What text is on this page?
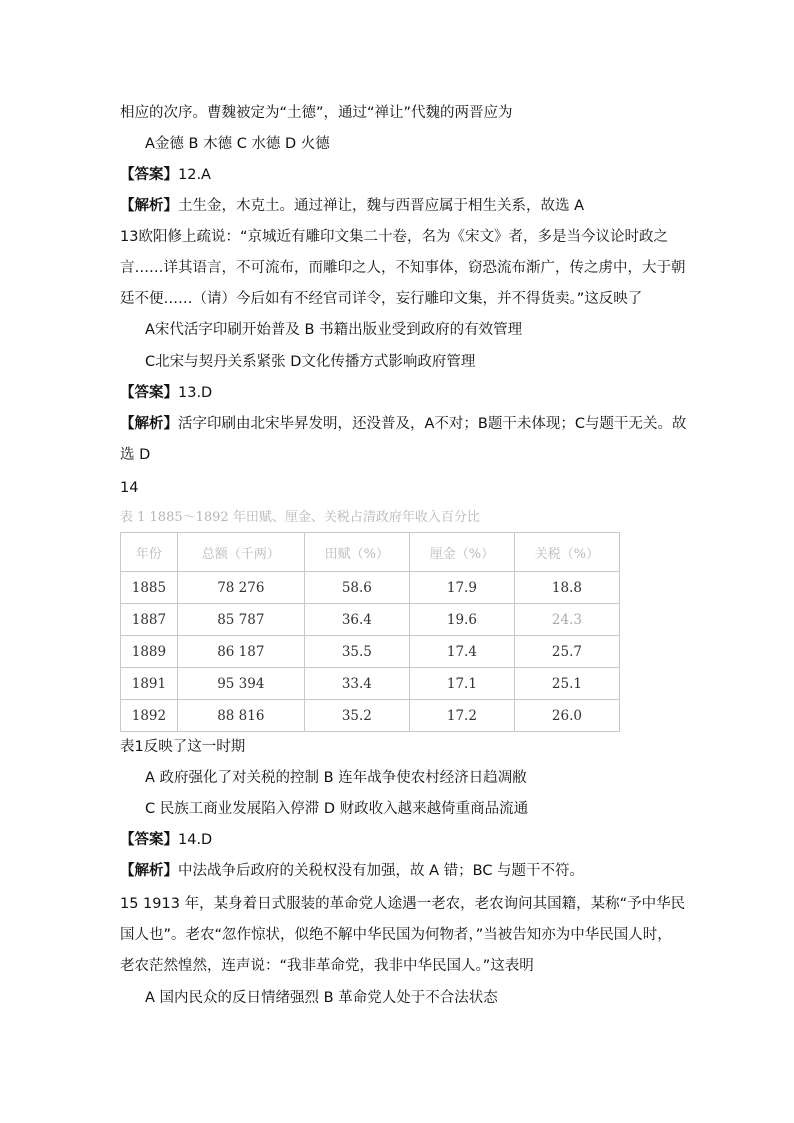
相应的次序。曹魏被定为“土德”，通过“禅让”代魏的两晋应为
A金德 B 木德 C 水德 D 火德
【答案】12.A
【解析】土生金，木克土。通过禅让，魏与西晋应属于相生关系，故选 A
13欧阳修上疏说：“京城近有雕印文集二十卷，名为《宋文》者，多是当今议论时政之
言……详其语言，不可流布，而雕印之人，不知事体，窃恐流布渐广，传之虏中，大于朝
廷不便……（请）今后如有不经官司详令，妄行雕印文集，并不得货卖。”这反映了
A宋代活字印刷开始普及 B 书籍出版业受到政府的有效管理
C北宋与契丹关系紧张 D文化传播方式影响政府管理
【答案】13.D
【解析】活字印刷由北宋毕昇发明，还没普及，A不对；B题干未体现；C与题干无关。故
选 D
14
表 1 1885～1892 年田赋、厘金、关税占清政府年收入百分比
年份	总额（千两）	田赋（%）	厘金（%）	关税（%）
1885	78 276	58.6	17.9	18.8
1887	85 787	36.4	19.6	24.3
1889	86 187	35.5	17.4	25.7
1891	95 394	33.4	17.1	25.1
1892	88 816	35.2	17.2	26.0
表1反映了这一时期
A 政府强化了对关税的控制 B 连年战争使农村经济日趋凋敝
C 民族工商业发展陷入停滞 D 财政收入越来越倚重商品流通
【答案】14.D
【解析】中法战争后政府的关税权没有加强，故 A 错；BC 与题干不符。
15 1913 年，某身着日式服装的革命党人途遇一老农，老农询问其国籍，某称“予中华民
国人也”。老农“忽作惊状，似绝不解中华民国为何物者，”当被告知亦为中华民国人时，
老农茫然惶然，连声说：“我非革命党，我非中华民国人。”这表明
A 国内民众的反日情绪强烈 B 革命党人处于不合法状态
